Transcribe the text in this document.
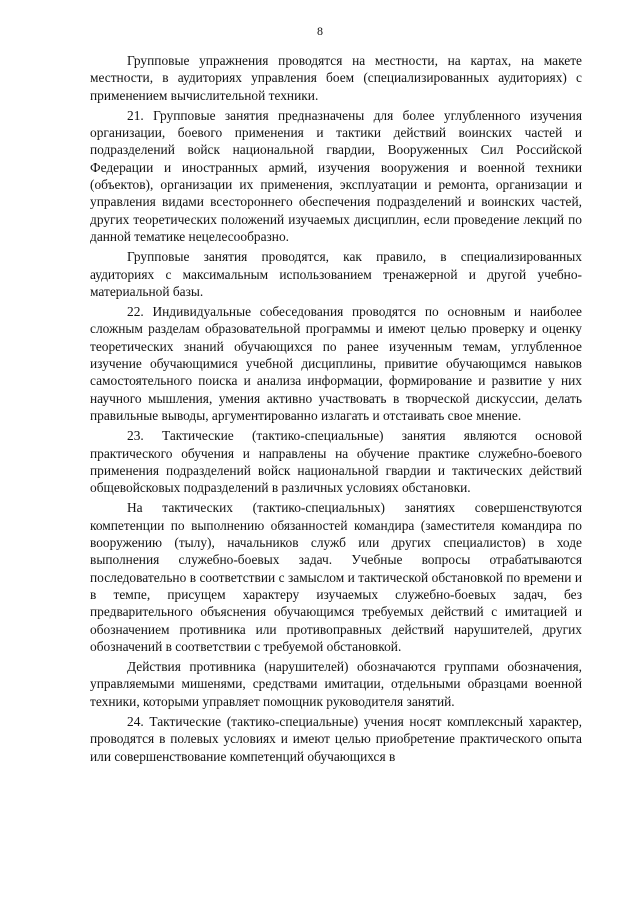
8

Групповые упражнения проводятся на местности, на картах, на макете местности, в аудиториях управления боем (специализированных аудиториях) с применением вычислительной техники.

21. Групповые занятия предназначены для более углубленного изучения организации, боевого применения и тактики действий воинских частей и подразделений войск национальной гвардии, Вооруженных Сил Российской Федерации и иностранных армий, изучения вооружения и военной техники (объектов), организации их применения, эксплуатации и ремонта, организации и управления видами всестороннего обеспечения подразделений и воинских частей, других теоретических положений изучаемых дисциплин, если проведение лекций по данной тематике нецелесообразно.

Групповые занятия проводятся, как правило, в специализированных аудиториях с максимальным использованием тренажерной и другой учебно-материальной базы.

22. Индивидуальные собеседования проводятся по основным и наиболее сложным разделам образовательной программы и имеют целью проверку и оценку теоретических знаний обучающихся по ранее изученным темам, углубленное изучение обучающимися учебной дисциплины, привитие обучающимся навыков самостоятельного поиска и анализа информации, формирование и развитие у них научного мышления, умения активно участвовать в творческой дискуссии, делать правильные выводы, аргументированно излагать и отстаивать свое мнение.

23. Тактические (тактико-специальные) занятия являются основой практического обучения и направлены на обучение практике служебно-боевого применения подразделений войск национальной гвардии и тактических действий общевойсковых подразделений в различных условиях обстановки.

На тактических (тактико-специальных) занятиях совершенствуются компетенции по выполнению обязанностей командира (заместителя командира по вооружению (тылу), начальников служб или других специалистов) в ходе выполнения служебно-боевых задач. Учебные вопросы отрабатываются последовательно в соответствии с замыслом и тактической обстановкой по времени и в темпе, присущем характеру изучаемых служебно-боевых задач, без предварительного объяснения обучающимся требуемых действий с имитацией и обозначением противника или противоправных действий нарушителей, других обозначений в соответствии с требуемой обстановкой.

Действия противника (нарушителей) обозначаются группами обозначения, управляемыми мишенями, средствами имитации, отдельными образцами военной техники, которыми управляет помощник руководителя занятий.

24. Тактические (тактико-специальные) учения носят комплексный характер, проводятся в полевых условиях и имеют целью приобретение практического опыта или совершенствование компетенций обучающихся в
